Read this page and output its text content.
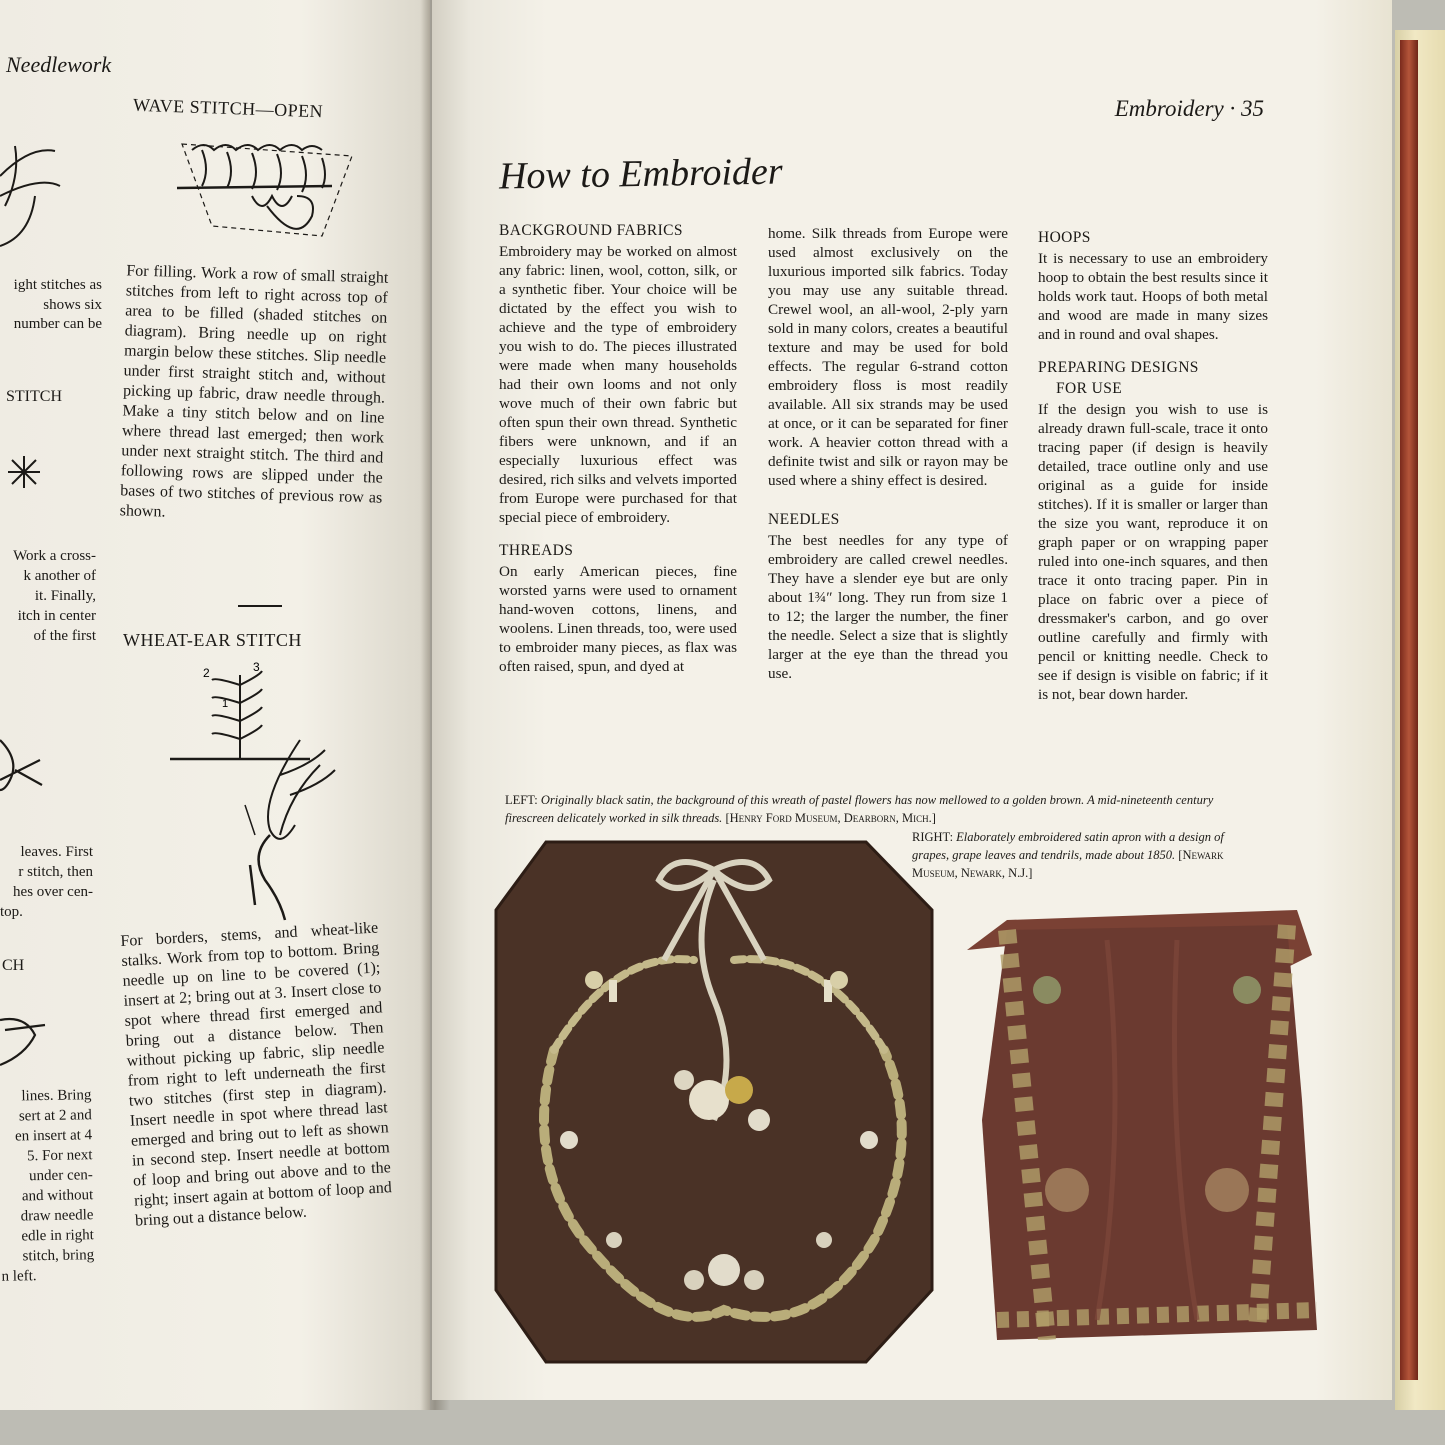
Needlework
WAVE STITCH—OPEN
For filling. Work a row of small straight stitches from left to right across top of area to be filled (shaded stitches on diagram). Bring needle up on right margin below these stitches. Slip needle under first straight stitch and, without picking up fabric, draw needle through. Make a tiny stitch below and on line where thread last emerged; then work under next straight stitch. The third and following rows are slipped under the bases of two stitches of previous row as shown.
WHEAT-EAR STITCH
2	3
1
For borders, stems, and wheat-like stalks. Work from top to bottom. Bring needle up on line to be covered (1); insert at 2; bring out at 3. Insert close to spot where thread first emerged and bring out a distance below. Then without picking up fabric, slip needle from right to left underneath the first two stitches (first step in diagram). Insert needle in spot where thread last emerged and bring out to left as shown in second step. Insert needle at bottom of loop and bring out above and to the right; insert again at bottom of loop and bring out a distance below.
ight stitches as
shows six
number can be
STITCH
Work a cross-
k another of
it. Finally,
itch in center
of the first
leaves. First
r stitch, then
hes over cen-
top.
CH
lines. Bring
sert at 2 and
en insert at 4
5. For next
under cen-
and without
draw needle
edle in right
stitch, bring
n left.
Embroidery · 35
How to Embroider
BACKGROUND FABRICS

Embroidery may be worked on almost any fabric: linen, wool, cotton, silk, or a synthetic fiber. Your choice will be dictated by the effect you wish to achieve and the type of embroidery you wish to do. The pieces illustrated were made when many households had their own looms and not only wove much of their own fabric but often spun their own thread. Synthetic fibers were unknown, and if an especially luxurious effect was desired, rich silks and velvets imported from Europe were purchased for that special piece of embroidery.

THREADS

On early American pieces, fine worsted yarns were used to ornament hand-woven cottons, linens, and woolens. Linen threads, too, were used to embroider many pieces, as flax was often raised, spun, and dyed at

home. Silk threads from Europe were used almost exclusively on the luxurious imported silk fabrics. Today you may use any suitable thread. Crewel wool, an all-wool, 2-ply yarn sold in many colors, creates a beautiful texture and may be used for bold effects. The regular 6-strand cotton embroidery floss is most readily available. All six strands may be used at once, or it can be separated for finer work. A heavier cotton thread with a definite twist and silk or rayon may be used where a shiny effect is desired.

NEEDLES

The best needles for any type of embroidery are called crewel needles. They have a slender eye but are only about 1¾″ long. They run from size 1 to 12; the larger the number, the finer the needle. Select a size that is slightly larger at the eye than the thread you use.

HOOPS

It is necessary to use an embroidery hoop to obtain the best results since it holds work taut. Hoops of both metal and wood are made in many sizes and in round and oval shapes.

PREPARING DESIGNS
FOR USE

If the design you wish to use is already drawn full-scale, trace it onto tracing paper (if design is heavily detailed, trace outline only and use original as a guide for inside stitches). If it is smaller or larger than the size you want, reproduce it on graph paper or on wrapping paper ruled into one-inch squares, and then trace it onto tracing paper. Pin in place on fabric over a piece of dressmaker's carbon, and go over outline carefully and firmly with pencil or knitting needle. Check to see if design is visible on fabric; if it is not, bear down harder.

LEFT: Originally black satin, the background of this wreath of pastel flowers has now mellowed to a golden brown. A mid-nineteenth century firescreen delicately worked in silk threads. [Henry Ford Museum, Dearborn, Mich.]
RIGHT: Elaborately embroidered satin apron with a design of grapes, grape leaves and tendrils, made about 1850. [Newark Museum, Newark, N.J.]
